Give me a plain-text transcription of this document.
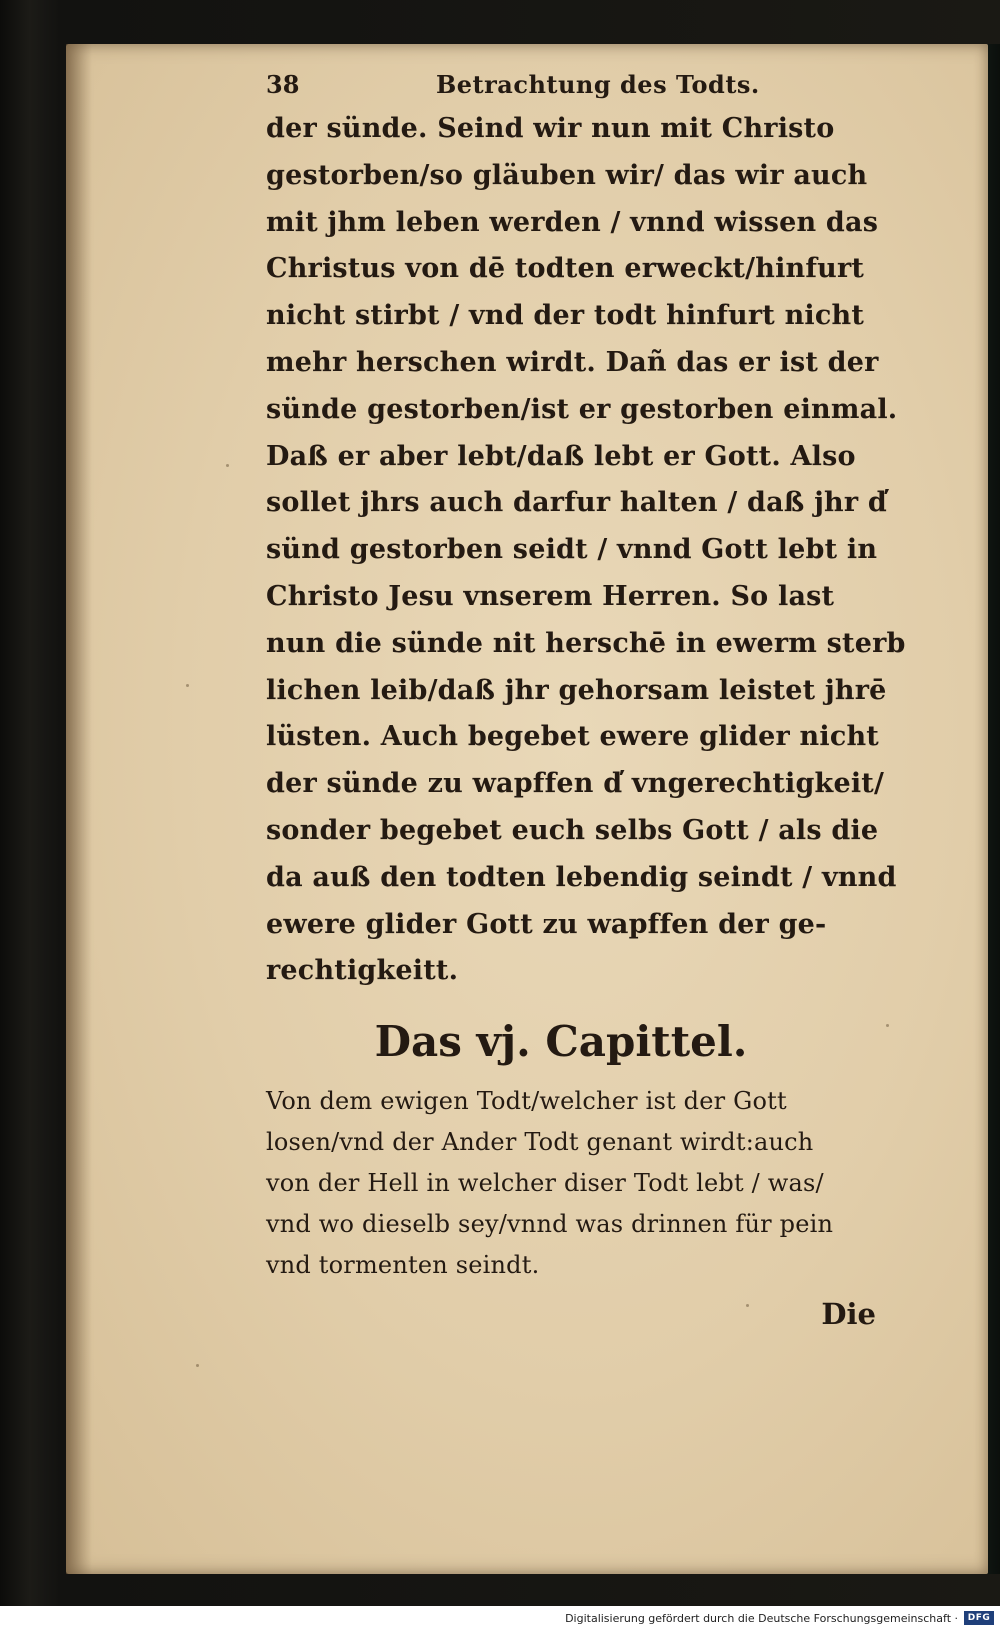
38	Betrachtung des Todts.
der sünde. Seind wir nun mit Christo
gestorben/so gläuben wir/ das wir auch
mit jhm leben werden / vnnd wissen das
Christus von dē todten erweckt/hinfurt
nicht stirbt / vnd der todt hinfurt nicht
mehr herschen wirdt. Dañ das er ist der
sünde gestorben/ist er gestorben einmal.
Daß er aber lebt/daß lebt er Gott. Also
sollet jhrs auch darfur halten / daß jhr d̕
sünd gestorben seidt / vnnd Gott lebt in
Christo Jesu vnserem Herren. So last
nun die sünde nit herschē in ewerm sterb
lichen leib/daß jhr gehorsam leistet jhrē
lüsten. Auch begebet ewere glider nicht
der sünde zu wapffen d̕ vngerechtigkeit/
sonder begebet euch selbs Gott / als die
da auß den todten lebendig seindt / vnnd
ewere glider Gott zu wapffen der ge-
rechtigkeitt.
Das vj. Capittel.
Von dem ewigen Todt/welcher ist der Gott
losen/vnd der Ander Todt genant wirdt:auch
von der Hell in welcher diser Todt lebt / was/
vnd wo dieselb sey/vnnd was drinnen für pein
vnd tormenten seindt.
Die
Digitalisierung gefördert durch die Deutsche Forschungsgemeinschaft ·	DFG
